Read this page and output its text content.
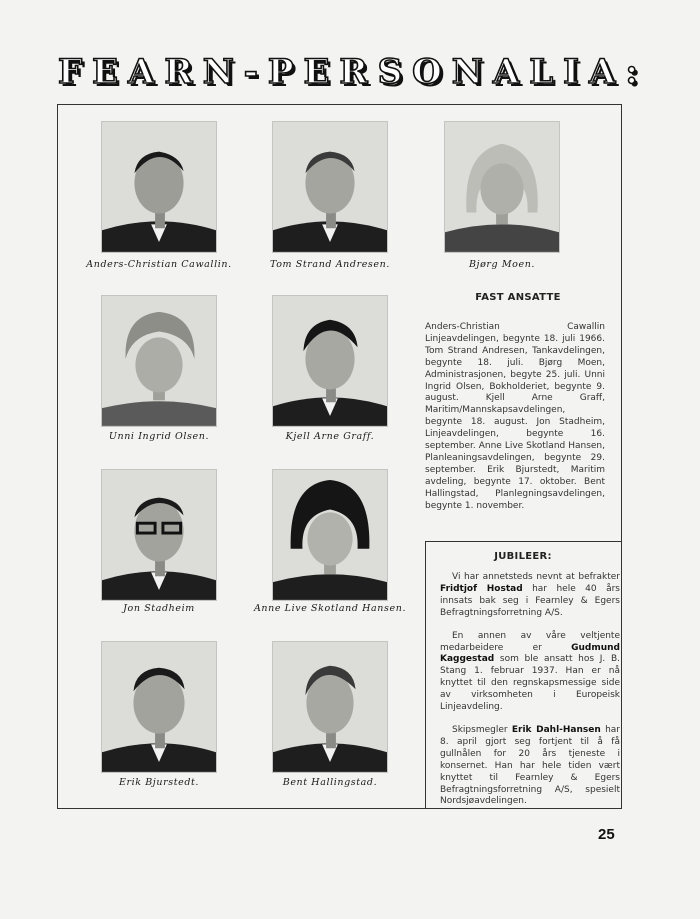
FEARN-PERSONALIA:
Anders-Christian Cawallin.	Tom Strand Andresen.	Bjørg Moen.
Unni Ingrid Olsen.	Kjell Arne Graff.
Jon Stadheim	Anne Live Skotland Hansen.
Erik Bjurstedt.	Bent Hallingstad.
FAST ANSATTE
Anders-Christian Cawallin Linjeavdelingen, begynte 18. juli 1966. Tom Strand Andresen, Tankavdelingen, begynte 18. juli. Bjørg Moen, Administrasjonen, begyte 25. juli. Unni Ingrid Olsen, Bokholderiet, begynte 9. august. Kjell Arne Graff, Maritim/Mannskapsavdelingen, begynte 18. august. Jon Stadheim, Linjeavdelingen, begynte 16. september. Anne Live Skotland Hansen, Planleaningsavdelingen, begynte 29. september. Erik Bjurstedt, Maritim avdeling, begynte 17. oktober. Bent Hallingstad, Planlegningsavdelingen, begynte 1. november.
JUBILEER:

Vi har annetsteds nevnt at befrakter Fridtjof Hostad har hele 40 års innsats bak seg i Fearnley & Egers Befragtningsforretning A/S.

En annen av våre veltjente medarbeidere er Gudmund Kaggestad som ble ansatt hos J. B. Stang 1. februar 1937. Han er nå knyttet til den regnskapsmessige side av virksomheten i Europeisk Linjeavdeling.

Skipsmegler Erik Dahl-Hansen har 8. april gjort seg fortjent til å få gullnålen for 20 års tjeneste i konsernet. Han har hele tiden vært knyttet til Fearnley & Egers Befragtningsforretning A/S, spesielt Nordsjøavdelingen.

25
